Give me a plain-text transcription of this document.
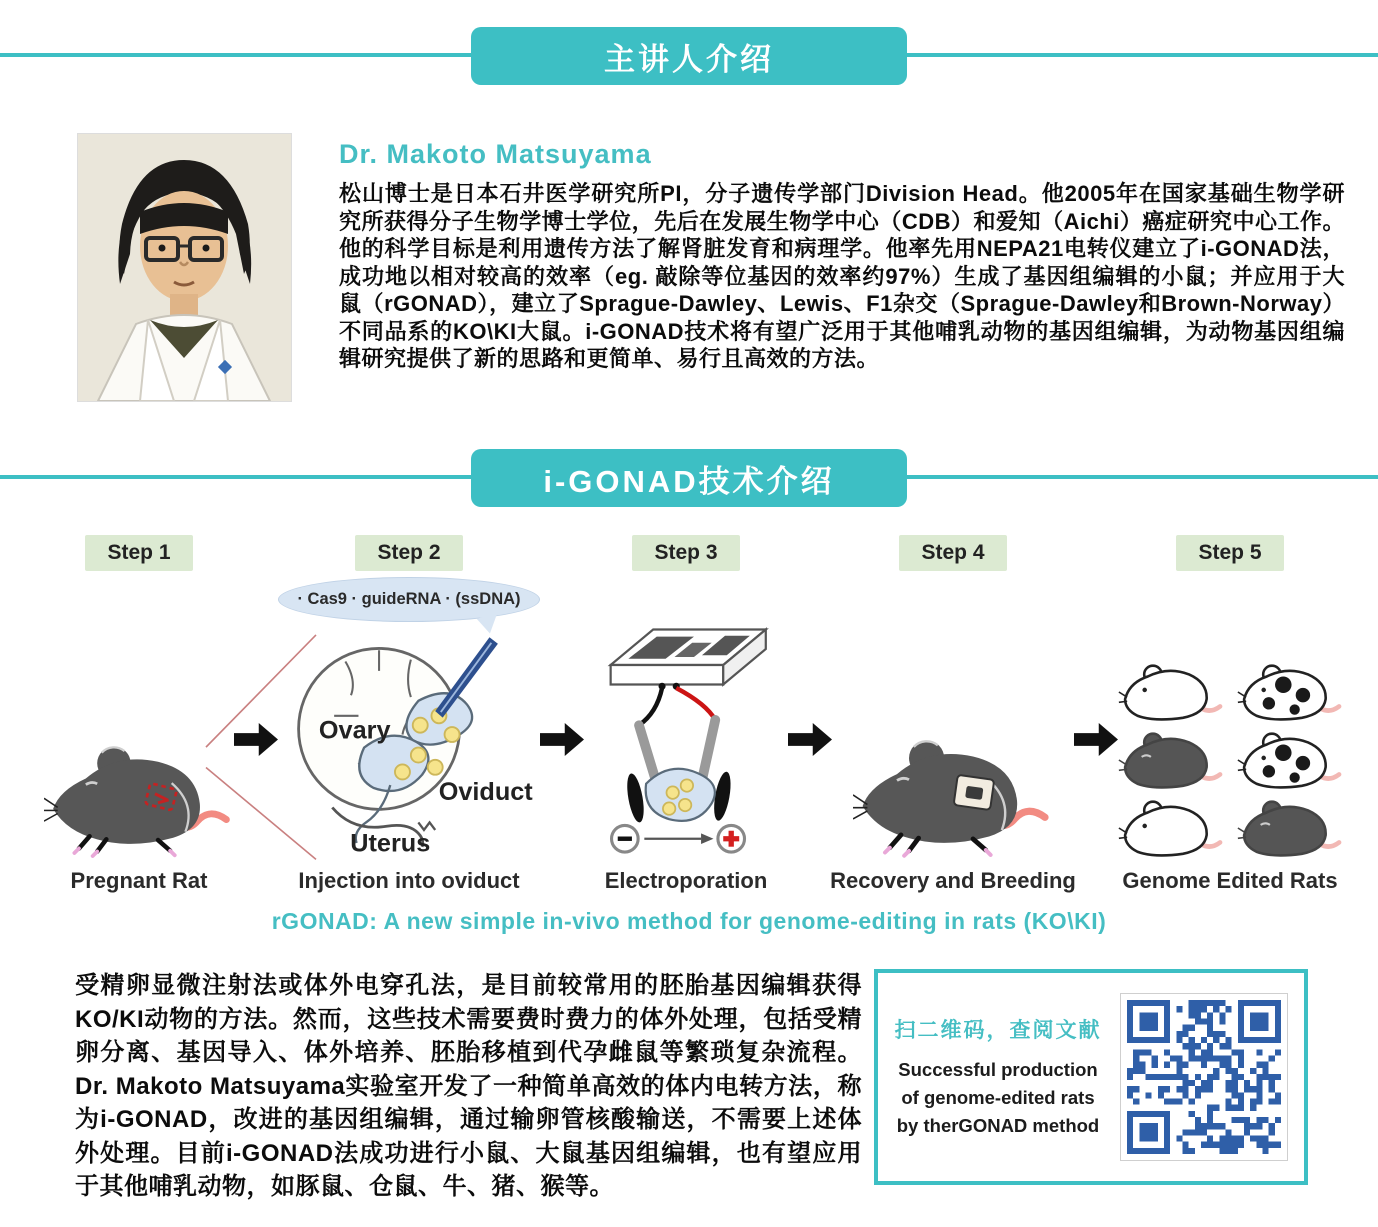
主讲人介绍
Dr. Makoto Matsuyama

松山博士是日本石井医学研究所PI，分子遗传学部门Division Head。他2005年在国家基础生物学研究所获得分子生物学博士学位，先后在发展生物学中心（CDB）和爱知（Aichi）癌症研究中心工作。他的科学目标是利用遗传方法了解肾脏发育和病理学。他率先用NEPA21电转仪建立了i-GONAD法，成功地以相对较高的效率（eg. 敲除等位基因的效率约97%）生成了基因组编辑的小鼠；并应用于大鼠（rGONAD），建立了Sprague-Dawley、Lewis、F1杂交（Sprague-Dawley和Brown-Norway）不同品系的KO\KI大鼠。i-GONAD技术将有望广泛用于其他哺乳动物的基因组编辑，为动物基因组编辑研究提供了新的思路和更简单、易行且高效的方法。

i-GONAD技术介绍
Step 1
Pregnant Rat
Step 2
· Cas9 · guideRNA · (ssDNA)
Ovary
Oviduct
Uterus
Injection into oviduct
Step 3
Electroporation
Step 4
Recovery and Breeding
Step 5
Genome Edited Rats
rGONAD: A new simple in-vivo method for genome-editing in rats (KO\KI)

受精卵显微注射法或体外电穿孔法，是目前较常用的胚胎基因编辑获得KO/KI动物的方法。然而，这些技术需要费时费力的体外处理，包括受精卵分离、基因导入、体外培养、胚胎移植到代孕雌鼠等繁琐复杂流程。Dr. Makoto Matsuyama实验室开发了一种简单高效的体内电转方法，称为i-GONAD，改进的基因组编辑，通过输卵管核酸输送，不需要上述体外处理。目前i-GONAD法成功进行小鼠、大鼠基因组编辑，也有望应用于其他哺乳动物，如豚鼠、仓鼠、牛、猪、猴等。

扫二维码，查阅文献
Successful production
of genome-edited rats
by therGONAD method
